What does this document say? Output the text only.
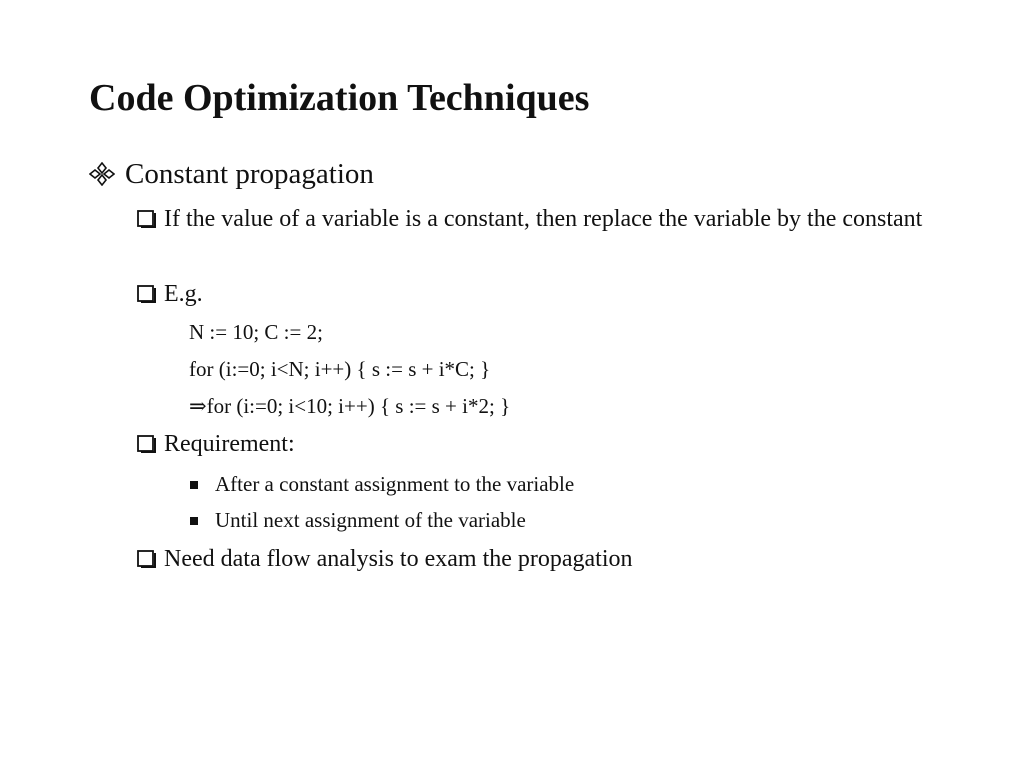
Code Optimization Techniques
Constant propagation
If the value of a variable is a constant, then replace the variable by the constant
E.g.
N := 10; C := 2;
for (i:=0; i<N; i++) { s := s + i*C; }
⇒for (i:=0; i<10; i++) { s := s + i*2; }
Requirement:
After a constant assignment to the variable
Until next assignment of the variable
Need data flow analysis to exam the propagation
